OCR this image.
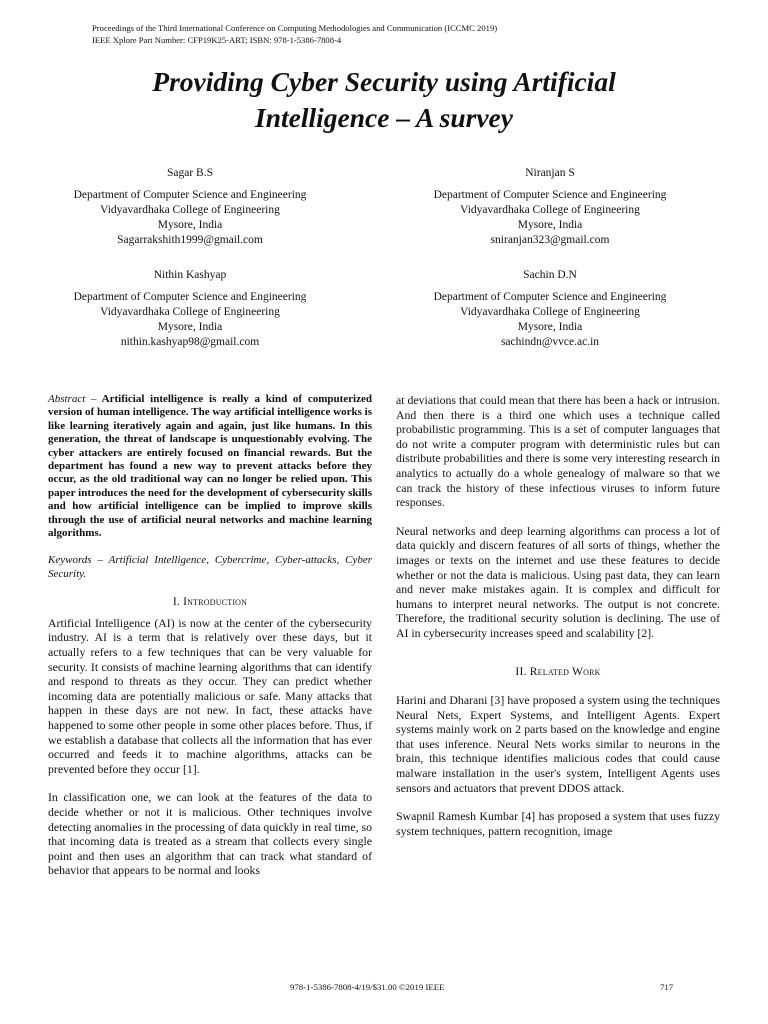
Proceedings of the Third International Conference on Computing Methodologies and Communication (ICCMC 2019)
IEEE Xplore Part Number: CFP19K25-ART; ISBN: 978-1-5386-7808-4
Providing Cyber Security using Artificial
Intelligence – A survey
Sagar B.S
Department of Computer Science and Engineering
Vidyavardhaka College of Engineering
Mysore, India
Sagarrakshith1999@gmail.com
Niranjan S
Department of Computer Science and Engineering
Vidyavardhaka College of Engineering
Mysore, India
sniranjan323@gmail.com
Nithin Kashyap
Department of Computer Science and Engineering
Vidyavardhaka College of Engineering
Mysore, India
nithin.kashyap98@gmail.com
Sachin D.N
Department of Computer Science and Engineering
Vidyavardhaka College of Engineering
Mysore, India
sachindn@vvce.ac.in

Abstract – Artificial intelligence is really a kind of computerized version of human intelligence. The way artificial intelligence works is like learning iteratively again and again, just like humans. In this generation, the threat of landscape is unquestionably evolving. The cyber attackers are entirely focused on financial rewards. But the department has found a new way to prevent attacks before they occur, as the old traditional way can no longer be relied upon. This paper introduces the need for the development of cybersecurity skills and how artificial intelligence can be implied to improve skills through the use of artificial neural networks and machine learning algorithms.

Keywords – Artificial Intelligence, Cybercrime, Cyber-attacks, Cyber Security.

I. Introduction

Artificial Intelligence (AI) is now at the center of the cybersecurity industry. AI is a term that is relatively over these days, but it actually refers to a few techniques that can be very valuable for security. It consists of machine learning algorithms that can identify and respond to threats as they occur. They can predict whether incoming data are potentially malicious or safe. Many attacks that happen in these days are not new. In fact, these attacks have happened to some other people in some other places before. Thus, if we establish a database that collects all the information that has ever occurred and feeds it to machine algorithms, attacks can be prevented before they occur [1].

In classification one, we can look at the features of the data to decide whether or not it is malicious. Other techniques involve detecting anomalies in the processing of data quickly in real time, so that incoming data is treated as a stream that collects every single point and then uses an algorithm that can track what standard of behavior that appears to be normal and looks

at deviations that could mean that there has been a hack or intrusion. And then there is a third one which uses a technique called probabilistic programming. This is a set of computer languages that do not write a computer program with deterministic rules but can distribute probabilities and there is some very interesting research in analytics to actually do a whole genealogy of malware so that we can track the history of these infectious viruses to inform future responses.

Neural networks and deep learning algorithms can process a lot of data quickly and discern features of all sorts of things, whether the images or texts on the internet and use these features to decide whether or not the data is malicious. Using past data, they can learn and never make mistakes again. It is complex and difficult for humans to interpret neural networks. The output is not concrete. Therefore, the traditional security solution is declining. The use of AI in cybersecurity increases speed and scalability [2].

II. Related Work

Harini and Dharani [3] have proposed a system using the techniques Neural Nets, Expert Systems, and Intelligent Agents. Expert systems mainly work on 2 parts based on the knowledge and engine that uses inference. Neural Nets works similar to neurons in the brain, this technique identifies malicious codes that could cause malware installation in the user's system, Intelligent Agents uses sensors and actuators that prevent DDOS attack.

Swapnil Ramesh Kumbar [4] has proposed a system that uses fuzzy system techniques, pattern recognition, image

978-1-5386-7808-4/19/$31.00 ©2019 IEEE	717
